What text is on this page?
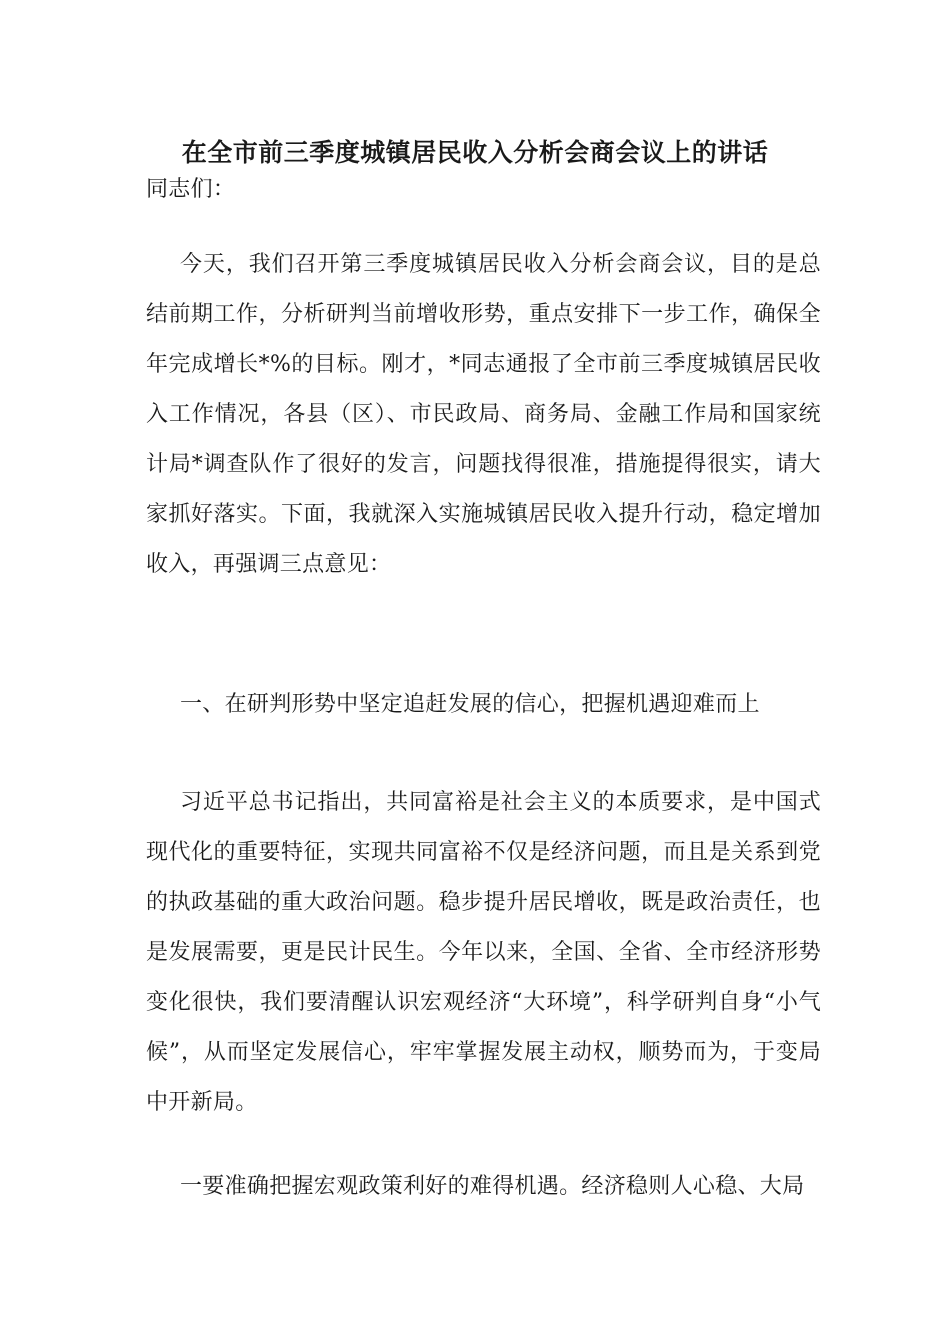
在全市前三季度城镇居民收入分析会商会议上的讲话
同志们：
今天，我们召开第三季度城镇居民收入分析会商会议，目的是总结前期工作，分析研判当前增收形势，重点安排下一步工作，确保全年完成增长*%的目标。刚才，*同志通报了全市前三季度城镇居民收入工作情况，各县（区）、市民政局、商务局、金融工作局和国家统计局*调查队作了很好的发言，问题找得很准，措施提得很实，请大家抓好落实。下面，我就深入实施城镇居民收入提升行动，稳定增加收入，再强调三点意见：
一、在研判形势中坚定追赶发展的信心，把握机遇迎难而上
习近平总书记指出，共同富裕是社会主义的本质要求，是中国式现代化的重要特征，实现共同富裕不仅是经济问题，而且是关系到党的执政基础的重大政治问题。稳步提升居民增收，既是政治责任，也是发展需要，更是民计民生。今年以来，全国、全省、全市经济形势变化很快，我们要清醒认识宏观经济“大环境”，科学研判自身“小气候”，从而坚定发展信心，牢牢掌握发展主动权，顺势而为，于变局中开新局。
一要准确把握宏观政策利好的难得机遇。经济稳则人心稳、大局
